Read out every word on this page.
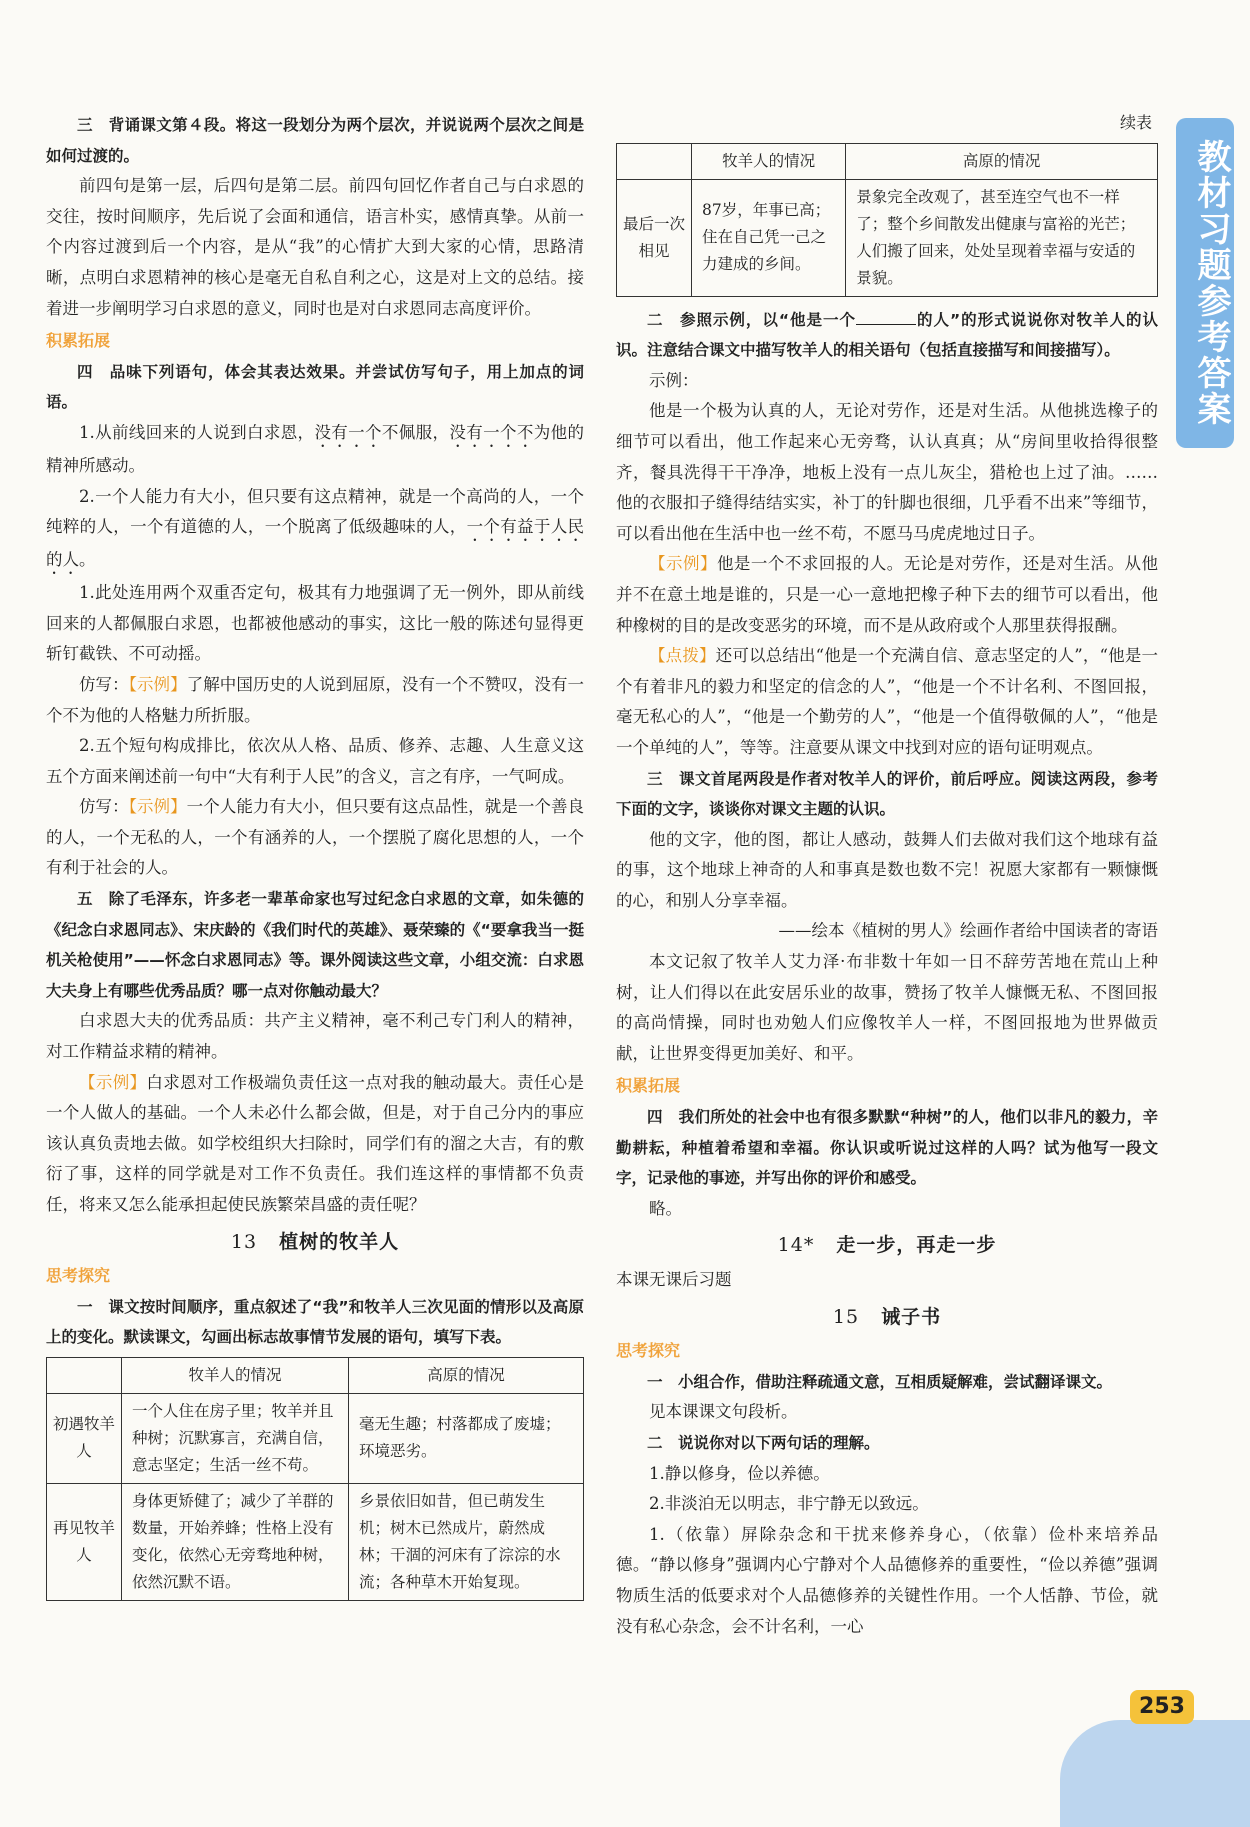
教材习题参考答案

三　背诵课文第４段。将这一段划分为两个层次，并说说两个层次之间是如何过渡的。

前四句是第一层，后四句是第二层。前四句回忆作者自己与白求恩的交往，按时间顺序，先后说了会面和通信，语言朴实，感情真挚。从前一个内容过渡到后一个内容，是从“我”的心情扩大到大家的心情，思路清晰，点明白求恩精神的核心是毫无自私自利之心，这是对上文的总结。接着进一步阐明学习白求恩的意义，同时也是对白求恩同志高度评价。

积累拓展

四　品味下列语句，体会其表达效果。并尝试仿写句子，用上加点的词语。

1.从前线回来的人说到白求恩，没有一个不佩服，没有一个不为他的精神所感动。

2.一个人能力有大小，但只要有这点精神，就是一个高尚的人，一个纯粹的人，一个有道德的人，一个脱离了低级趣味的人，一个有益于人民的人。

1.此处连用两个双重否定句，极其有力地强调了无一例外，即从前线回来的人都佩服白求恩，也都被他感动的事实，这比一般的陈述句显得更斩钉截铁、不可动摇。

仿写：【示例】了解中国历史的人说到屈原，没有一个不赞叹，没有一个不为他的人格魅力所折服。

2.五个短句构成排比，依次从人格、品质、修养、志趣、人生意义这五个方面来阐述前一句中“大有利于人民”的含义，言之有序，一气呵成。

仿写：【示例】一个人能力有大小，但只要有这点品性，就是一个善良的人，一个无私的人，一个有涵养的人，一个摆脱了腐化思想的人，一个有利于社会的人。

五　除了毛泽东，许多老一辈革命家也写过纪念白求恩的文章，如朱德的《纪念白求恩同志》、宋庆龄的《我们时代的英雄》、聂荣臻的《“要拿我当一挺机关枪使用”——怀念白求恩同志》等。课外阅读这些文章，小组交流：白求恩大夫身上有哪些优秀品质？哪一点对你触动最大？

白求恩大夫的优秀品质：共产主义精神，毫不利己专门利人的精神，对工作精益求精的精神。

【示例】白求恩对工作极端负责任这一点对我的触动最大。责任心是一个人做人的基础。一个人未必什么都会做，但是，对于自己分内的事应该认真负责地去做。如学校组织大扫除时，同学们有的溜之大吉，有的敷衍了事，这样的同学就是对工作不负责任。我们连这样的事情都不负责任，将来又怎么能承担起使民族繁荣昌盛的责任呢？

13 植树的牧羊人

思考探究

一　课文按时间顺序，重点叙述了“我”和牧羊人三次见面的情形以及高原上的变化。默读课文，勾画出标志故事情节发展的语句，填写下表。

	牧羊人的情况	高原的情况
初遇牧羊人	一个人住在房子里；牧羊并且种树；沉默寡言，充满自信，意志坚定；生活一丝不苟。	毫无生趣；村落都成了废墟；环境恶劣。
再见牧羊人	身体更矫健了；减少了羊群的数量，开始养蜂；性格上没有变化，依然心无旁骛地种树，依然沉默不语。	乡景依旧如昔，但已萌发生机；树木已然成片，蔚然成林；干涸的河床有了淙淙的水流；各种草木开始复现。

续表

	牧羊人的情况	高原的情况
最后一次相见	87岁，年事已高；住在自己凭一己之力建成的乡间。	景象完全改观了，甚至连空气也不一样了；整个乡间散发出健康与富裕的光芒；人们搬了回来，处处呈现着幸福与安适的景貌。

二　参照示例，以“他是一个	的人”的形式说说你对牧羊人的认识。注意结合课文中描写牧羊人的相关语句（包括直接描写和间接描写）。

示例：

他是一个极为认真的人，无论对劳作，还是对生活。从他挑选橡子的细节可以看出，他工作起来心无旁骛，认认真真；从“房间里收拾得很整齐，餐具洗得干干净净，地板上没有一点儿灰尘，猎枪也上过了油。……他的衣服扣子缝得结结实实，补丁的针脚也很细，几乎看不出来”等细节，可以看出他在生活中也一丝不苟，不愿马马虎虎地过日子。

【示例】他是一个不求回报的人。无论是对劳作，还是对生活。从他并不在意土地是谁的，只是一心一意地把橡子种下去的细节可以看出，他种橡树的目的是改变恶劣的环境，而不是从政府或个人那里获得报酬。

【点拨】还可以总结出“他是一个充满自信、意志坚定的人”，“他是一个有着非凡的毅力和坚定的信念的人”，“他是一个不计名利、不图回报，毫无私心的人”，“他是一个勤劳的人”，“他是一个值得敬佩的人”，“他是一个单纯的人”，等等。注意要从课文中找到对应的语句证明观点。

三　课文首尾两段是作者对牧羊人的评价，前后呼应。阅读这两段，参考下面的文字，谈谈你对课文主题的认识。

他的文字，他的图，都让人感动，鼓舞人们去做对我们这个地球有益的事，这个地球上神奇的人和事真是数也数不完！祝愿大家都有一颗慷慨的心，和别人分享幸福。

——绘本《植树的男人》绘画作者给中国读者的寄语

本文记叙了牧羊人艾力泽·布非数十年如一日不辞劳苦地在荒山上种树，让人们得以在此安居乐业的故事，赞扬了牧羊人慷慨无私、不图回报的高尚情操，同时也劝勉人们应像牧羊人一样，不图回报地为世界做贡献，让世界变得更加美好、和平。

积累拓展

四　我们所处的社会中也有很多默默“种树”的人，他们以非凡的毅力，辛勤耕耘，种植着希望和幸福。你认识或听说过这样的人吗？试为他写一段文字，记录他的事迹，并写出你的评价和感受。

略。

14* 走一步，再走一步

本课无课后习题

15 诫子书

思考探究

一　小组合作，借助注释疏通文意，互相质疑解难，尝试翻译课文。

见本课课文句段析。

二　说说你对以下两句话的理解。

1.静以修身，俭以养德。

2.非淡泊无以明志，非宁静无以致远。

1.（依靠）屏除杂念和干扰来修养身心，（依靠）俭朴来培养品德。“静以修身”强调内心宁静对个人品德修养的重要性，“俭以养德”强调物质生活的低要求对个人品德修养的关键性作用。一个人恬静、节俭，就没有私心杂念，会不计名利，一心

253
